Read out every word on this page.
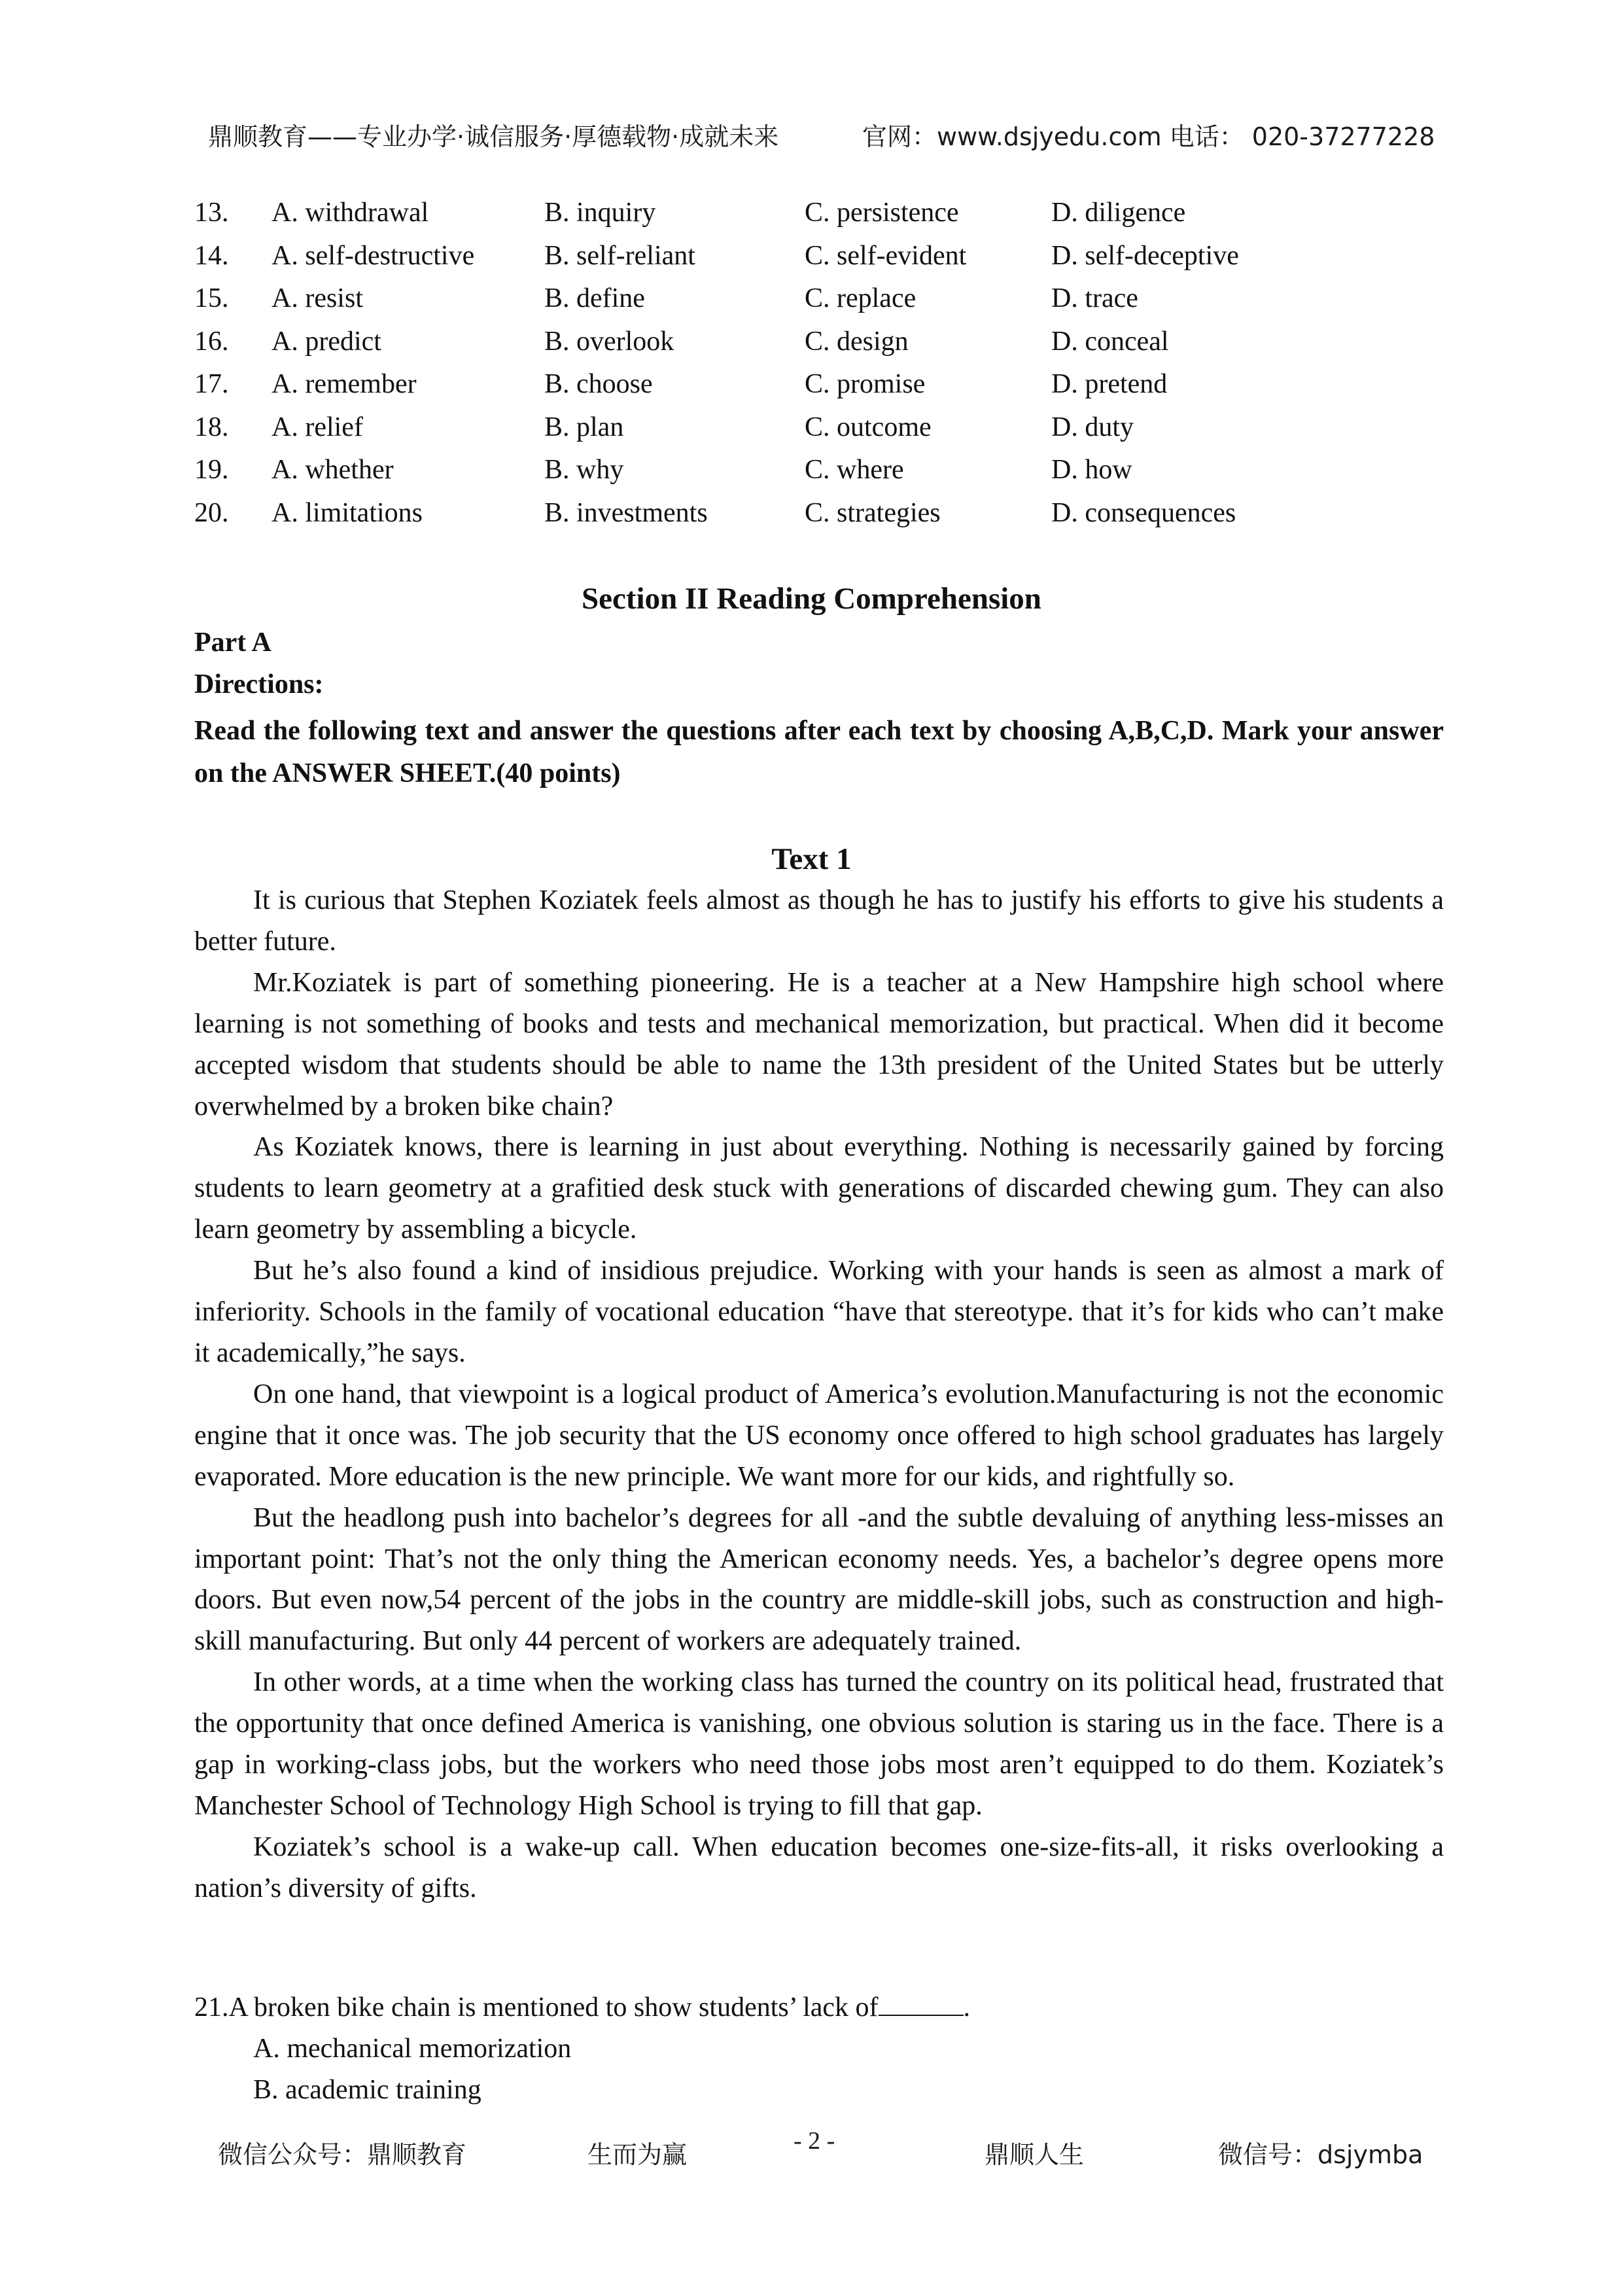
鼎顺教育——专业办学·诚信服务·厚德载物·成就未来	官网：www.dsjyedu.com 电话： 020-37277228
13. A. withdrawal	B. inquiry	C. persistence	D. diligence
14. A. self-destructive	B. self-reliant	C. self-evident	D. self-deceptive
15. A. resist	B. define	C. replace	D. trace
16. A. predict	B. overlook	C. design	D. conceal
17. A. remember	B. choose	C. promise	D. pretend
18. A. relief	B. plan	C. outcome	D. duty
19. A. whether	B. why	C. where	D. how
20. A. limitations	B. investments	C. strategies	D. consequences
Section II Reading Comprehension
Part A
Directions:
Read the following text and answer the questions after each text by choosing A,B,C,D. Mark your answer on the ANSWER SHEET.(40 points)
Text 1

It is curious that Stephen Koziatek feels almost as though he has to justify his efforts to give his students a better future.

Mr.Koziatek is part of something pioneering. He is a teacher at a New Hampshire high school where learning is not something of books and tests and mechanical memorization, but practical. When did it become accepted wisdom that students should be able to name the 13th president of the United States but be utterly overwhelmed by a broken bike chain?

As Koziatek knows, there is learning in just about everything. Nothing is necessarily gained by forcing students to learn geometry at a grafitied desk stuck with generations of discarded chewing gum. They can also learn geometry by assembling a bicycle.

But he’s also found a kind of insidious prejudice. Working with your hands is seen as almost a mark of inferiority. Schools in the family of vocational education “have that stereotype. that it’s for kids who can’t make it academically,”he says.

On one hand, that viewpoint is a logical product of America’s evolution.Manufacturing is not the economic engine that it once was. The job security that the US economy once offered to high school graduates has largely evaporated. More education is the new principle. We want more for our kids, and rightfully so.

But the headlong push into bachelor’s degrees for all -and the subtle devaluing of anything less-misses an important point: That’s not the only thing the American economy needs. Yes, a bachelor’s degree opens more doors. But even now,54 percent of the jobs in the country are middle-skill jobs, such as construction and high-skill manufacturing. But only 44 percent of workers are adequately trained.

In other words, at a time when the working class has turned the country on its political head, frustrated that the opportunity that once defined America is vanishing, one obvious solution is staring us in the face. There is a gap in working-class jobs, but the workers who need those jobs most aren’t equipped to do them. Koziatek’s Manchester School of Technology High School is trying to fill that gap.

Koziatek’s school is a wake-up call. When education becomes one-size-fits-all, it risks overlooking a nation’s diversity of gifts.

21.A broken bike chain is mentioned to show students’ lack of	.
A. mechanical memorization
B. academic training
微信公众号：鼎顺教育	生而为赢	- 2 -	鼎顺人生	微信号：dsjymba
